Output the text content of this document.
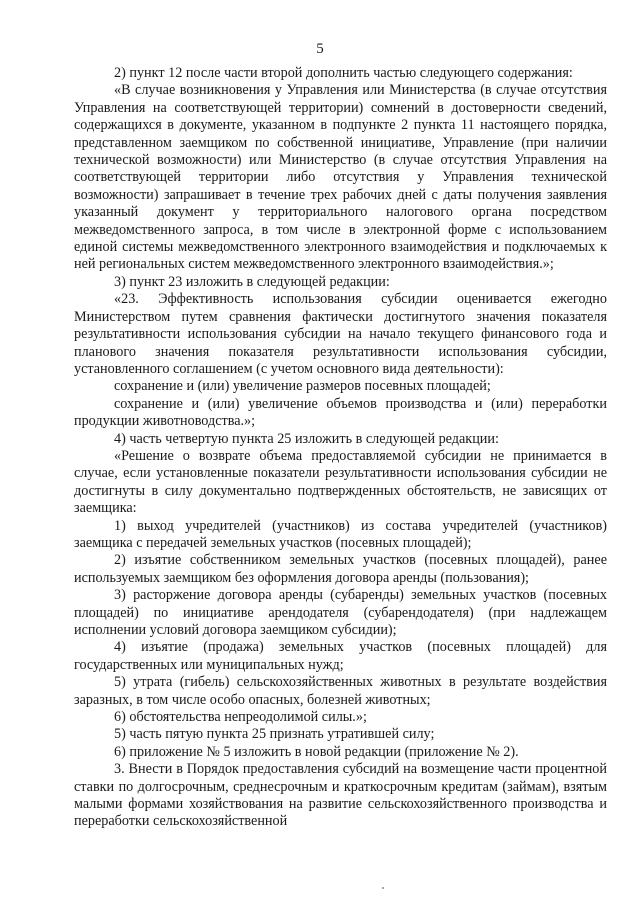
5

2) пункт 12 после части второй дополнить частью следующего содержания:

«В случае возникновения у Управления или Министерства (в случае отсутствия Управления на соответствующей территории) сомнений в достоверности сведений, содержащихся в документе, указанном в подпункте 2 пункта 11 настоящего порядка, представленном заемщиком по собственной инициативе, Управление (при наличии технической возможности) или Министерство (в случае отсутствия Управления на соответствующей территории либо отсутствия у Управления технической возможности) запрашивает в течение трех рабочих дней с даты получения заявления указанный документ у территориального налогового органа посредством межведомственного запроса, в том числе в электронной форме с использованием единой системы межведомственного электронного взаимодействия и подключаемых к ней региональных систем межведомственного электронного взаимодействия.»;

3) пункт 23 изложить в следующей редакции:

«23. Эффективность использования субсидии оценивается ежегодно Министерством путем сравнения фактически достигнутого значения показателя результативности использования субсидии на начало текущего финансового года и планового значения показателя результативности использования субсидии, установленного соглашением (с учетом основного вида деятельности):

сохранение и (или) увеличение размеров посевных площадей;

сохранение и (или) увеличение объемов производства и (или) переработки продукции животноводства.»;

4) часть четвертую пункта 25 изложить в следующей редакции:

«Решение о возврате объема предоставляемой субсидии не принимается в случае, если установленные показатели результативности использования субсидии не достигнуты в силу документально подтвержденных обстоятельств, не зависящих от заемщика:

1) выход учредителей (участников) из состава учредителей (участников) заемщика с передачей земельных участков (посевных площадей);

2) изъятие собственником земельных участков (посевных площадей), ранее используемых заемщиком без оформления договора аренды (пользования);

3) расторжение договора аренды (субаренды) земельных участков (посевных площадей) по инициативе арендодателя (субарендодателя) (при надлежащем исполнении условий договора заемщиком субсидии);

4) изъятие (продажа) земельных участков (посевных площадей) для государственных или муниципальных нужд;

5) утрата (гибель) сельскохозяйственных животных в результате воздействия заразных, в том числе особо опасных, болезней животных;

6) обстоятельства непреодолимой силы.»;

5) часть пятую пункта 25 признать утратившей силу;

6) приложение № 5 изложить в новой редакции (приложение № 2).

3. Внести в Порядок предоставления субсидий на возмещение части процентной ставки по долгосрочным, среднесрочным и краткосрочным кредитам (займам), взятым малыми формами хозяйствования на развитие сельскохозяйственного производства и переработки сельскохозяйственной
